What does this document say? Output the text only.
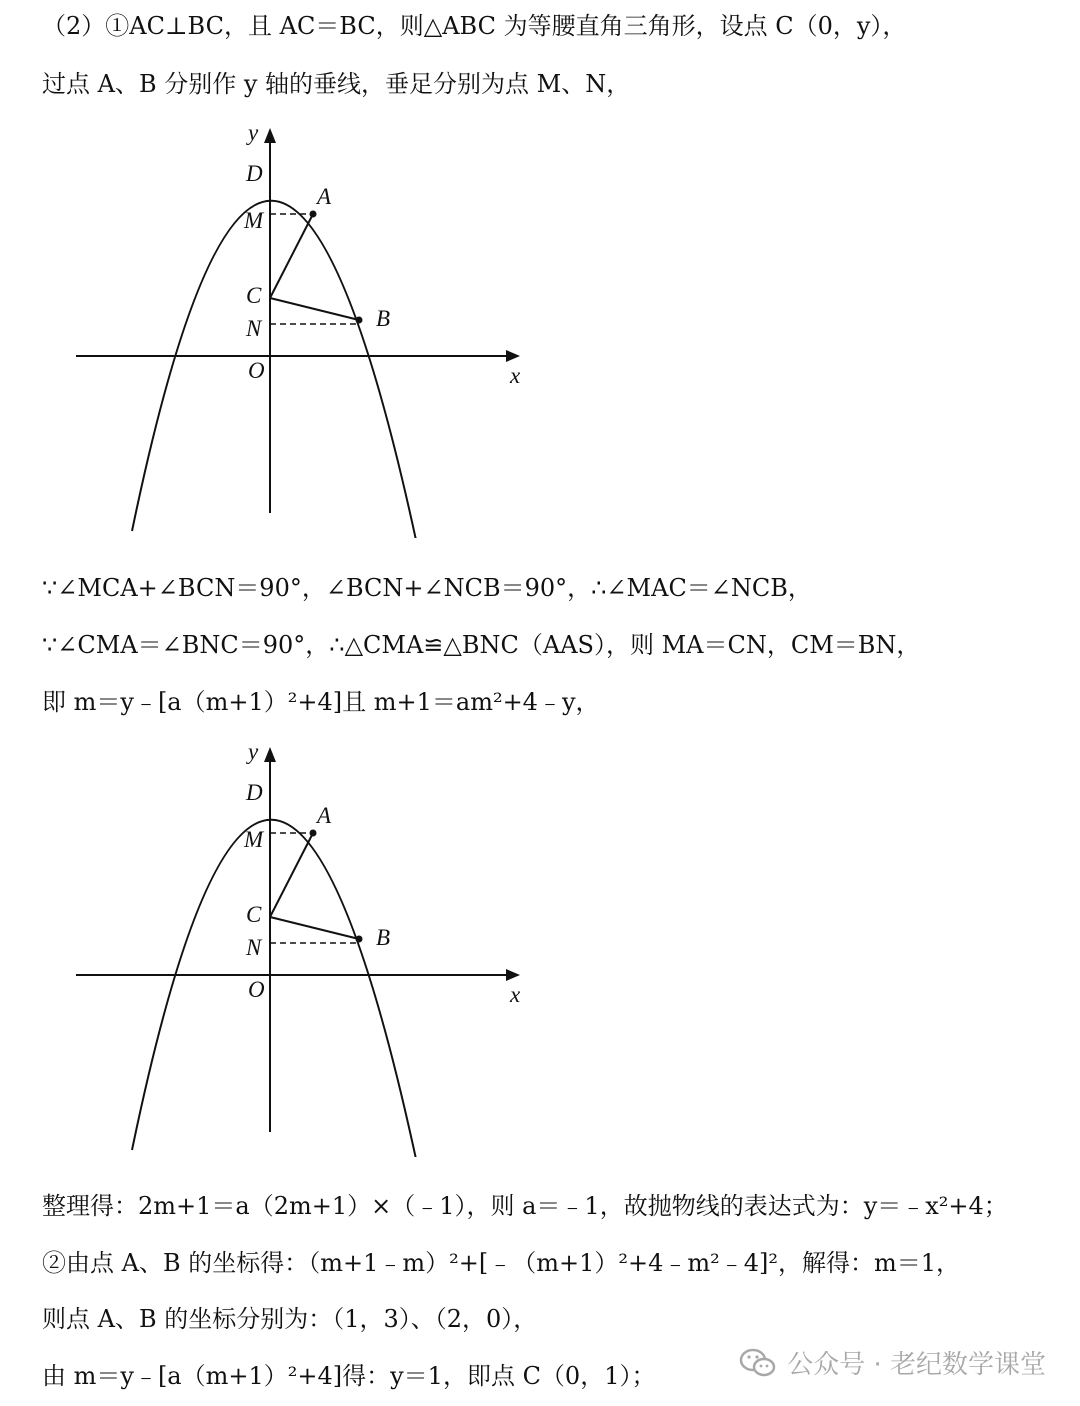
（2）①AC⊥BC，且 AC＝BC，则△ABC 为等腰直角三角形，设点 C（0，y），
过点 A、B 分别作 y 轴的垂线，垂足分别为点 M、N，
y
x
D
A
M
C
N	B
O
∵∠MCA+∠BCN＝90°，∠BCN+∠NCB＝90°，∴∠MAC＝∠NCB，
∵∠CMA＝∠BNC＝90°，∴△CMA≌△BNC（AAS），则 MA＝CN，CM＝BN，
即 m＝y﹣[a（m+1）²+4]且 m+1＝am²+4﹣y，
y
x
D
A
M
C
N	B
O
整理得：2m+1＝a（2m+1）×（﹣1），则 a＝﹣1，故抛物线的表达式为：y＝﹣x²+4；
②由点 A、B 的坐标得：（m+1﹣m）²+[﹣（m+1）²+4﹣m²﹣4]²，解得：m＝1，
则点 A、B 的坐标分别为：（1，3）、（2，0），
由 m＝y﹣[a（m+1）²+4]得：y＝1，即点 C（0，1）；	公众号 · 老纪数学课堂
